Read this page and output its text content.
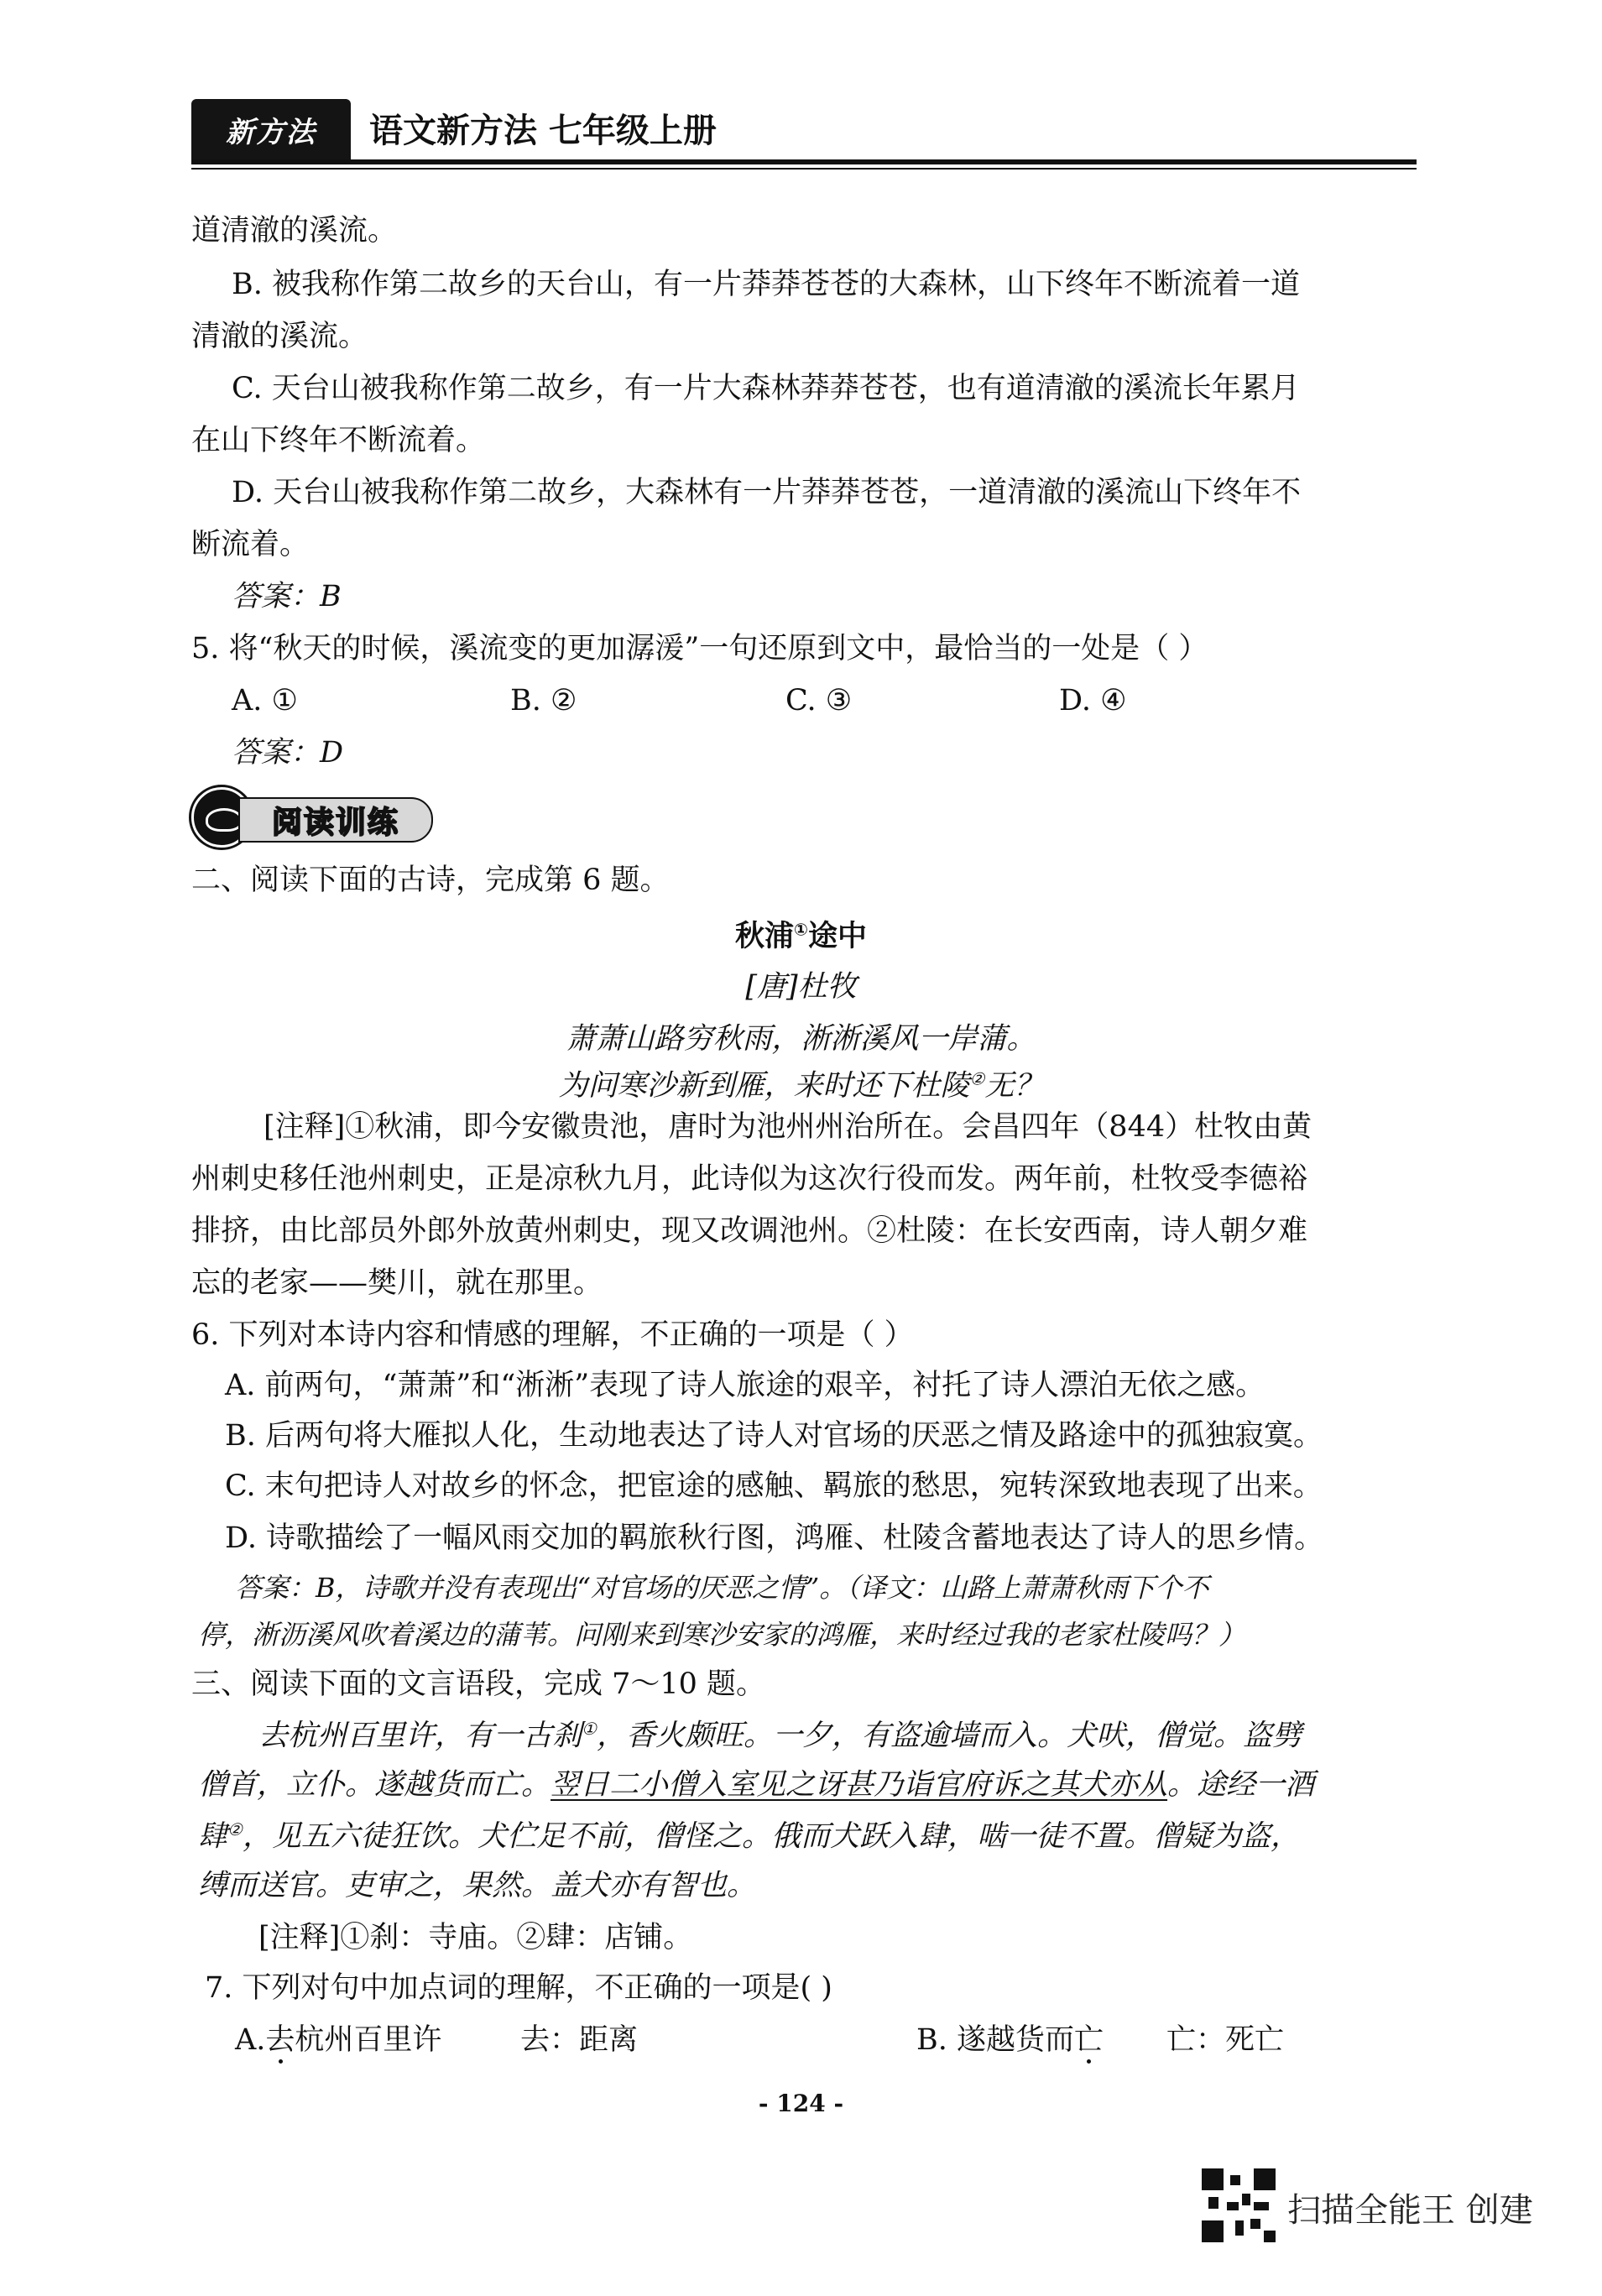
新方法 语文新方法 七年级上册
道清澈的溪流。
B. 被我称作第二故乡的天台山，有一片莽莽苍苍的大森林，山下终年不断流着一道
清澈的溪流。
C. 天台山被我称作第二故乡，有一片大森林莽莽苍苍，也有道清澈的溪流长年累月
在山下终年不断流着。
D. 天台山被我称作第二故乡，大森林有一片莽莽苍苍，一道清澈的溪流山下终年不
断流着。
答案：B
5. 将“秋天的时候，溪流变的更加潺湲”一句还原到文中，最恰当的一处是（ ）
A. ①	B. ②	C. ③	D. ④
答案：D
阅读训练
二、阅读下面的古诗，完成第 6 题。
秋浦①途中
[唐]杜牧
萧萧山路穷秋雨，淅淅溪风一岸蒲。
为问寒沙新到雁，来时还下杜陵②无？
[注释]①秋浦，即今安徽贵池，唐时为池州州治所在。会昌四年（844）杜牧由黄
州刺史移任池州刺史，正是凉秋九月，此诗似为这次行役而发。两年前，杜牧受李德裕
排挤，由比部员外郎外放黄州刺史，现又改调池州。②杜陵：在长安西南，诗人朝夕难
忘的老家——樊川，就在那里。
6. 下列对本诗内容和情感的理解，不正确的一项是（ ）
A. 前两句，“萧萧”和“淅淅”表现了诗人旅途的艰辛，衬托了诗人漂泊无依之感。
B. 后两句将大雁拟人化，生动地表达了诗人对官场的厌恶之情及路途中的孤独寂寞。
C. 末句把诗人对故乡的怀念，把宦途的感触、羁旅的愁思，宛转深致地表现了出来。
D. 诗歌描绘了一幅风雨交加的羁旅秋行图，鸿雁、杜陵含蓄地表达了诗人的思乡情。
答案：B，诗歌并没有表现出“对官场的厌恶之情”。（译文：山路上萧萧秋雨下个不
停，淅沥溪风吹着溪边的蒲苇。问刚来到寒沙安家的鸿雁，来时经过我的老家杜陵吗？）
三、阅读下面的文言语段，完成 7～10 题。
去杭州百里许，有一古刹①，香火颇旺。一夕，有盗逾墙而入。犬吠，僧觉。盗劈
僧首，立仆。遂越货而亡。翌日二小僧入室见之讶甚乃诣官府诉之其犬亦从。途经一酒
肆②，见五六徒狂饮。犬伫足不前，僧怪之。俄而犬跃入肆，啮一徒不置。僧疑为盗，
缚而送官。吏审之，果然。盖犬亦有智也。
[注释]①刹：寺庙。②肆：店铺。
7. 下列对句中加点词的理解，不正确的一项是( )
A.去杭州百里许	去：距离	B. 遂越货而亡 亡：死亡
- 124 -
扫描全能王 创建
